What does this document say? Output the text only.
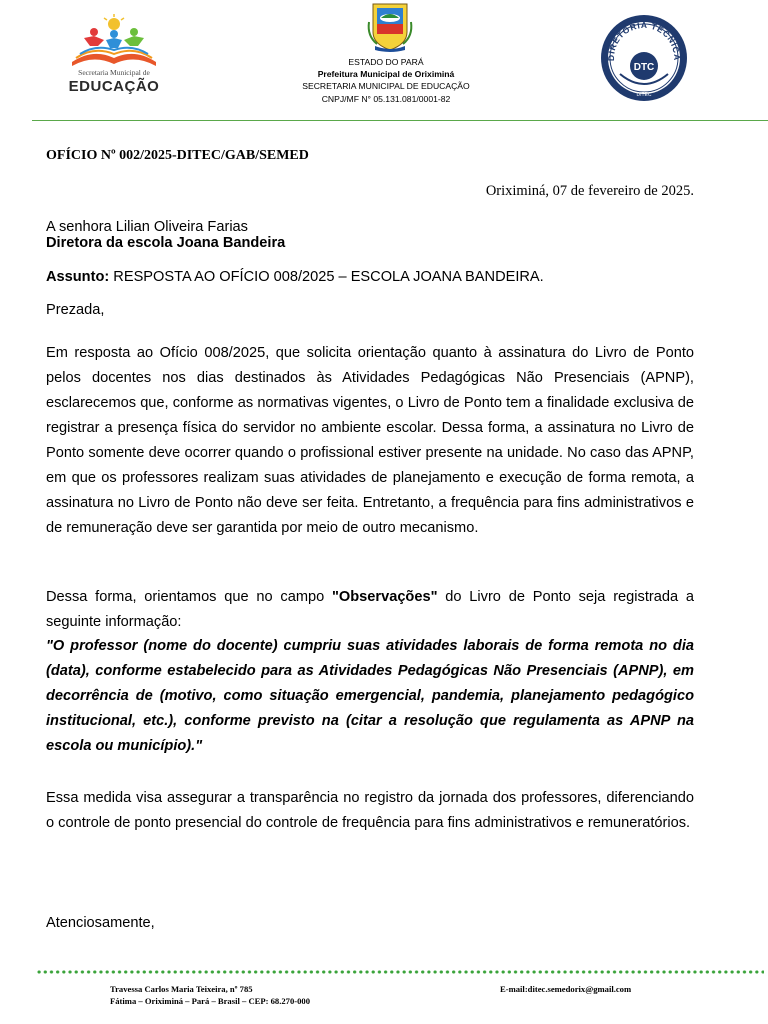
Secretaria Municipal de
EDUCAÇÃO
ESTADO DO PARÁ
Prefeitura Municipal de Oriximiná
SECRETARIA MUNICIPAL DE EDUCAÇÃO
CNPJ/MF N° 05.131.081/0001-82
DIRETORIA TÉCNICA
DTC
DITEC
OFÍCIO Nº 002/2025-DITEC/GAB/SEMED
Oriximiná, 07 de fevereiro de 2025.
A senhora Lilian Oliveira Farias
Diretora da escola Joana Bandeira
Assunto: RESPOSTA AO OFÍCIO 008/2025 – ESCOLA JOANA BANDEIRA.
Prezada,
Em resposta ao Ofício 008/2025, que solicita orientação quanto à assinatura do Livro de Ponto pelos docentes nos dias destinados às Atividades Pedagógicas Não Presenciais (APNP), esclarecemos que, conforme as normativas vigentes, o Livro de Ponto tem a finalidade exclusiva de registrar a presença física do servidor no ambiente escolar. Dessa forma, a assinatura no Livro de Ponto somente deve ocorrer quando o profissional estiver presente na unidade. No caso das APNP, em que os professores realizam suas atividades de planejamento e execução de forma remota, a assinatura no Livro de Ponto não deve ser feita. Entretanto, a frequência para fins administrativos e de remuneração deve ser garantida por meio de outro mecanismo.
Dessa forma, orientamos que no campo "Observações" do Livro de Ponto seja registrada a seguinte informação:
"O professor (nome do docente) cumpriu suas atividades laborais de forma remota no dia (data), conforme estabelecido para as Atividades Pedagógicas Não Presenciais (APNP), em decorrência de (motivo, como situação emergencial, pandemia, planejamento pedagógico institucional, etc.), conforme previsto na (citar a resolução que regulamenta as APNP na escola ou município)."
Essa medida visa assegurar a transparência no registro da jornada dos professores, diferenciando o controle de ponto presencial do controle de frequência para fins administrativos e remuneratórios.
Atenciosamente,
Travessa Carlos Maria Teixeira, nº 785
Fátima – Oriximiná – Pará – Brasil – CEP: 68.270-000
E-mail:ditec.semedorix@gmail.com
